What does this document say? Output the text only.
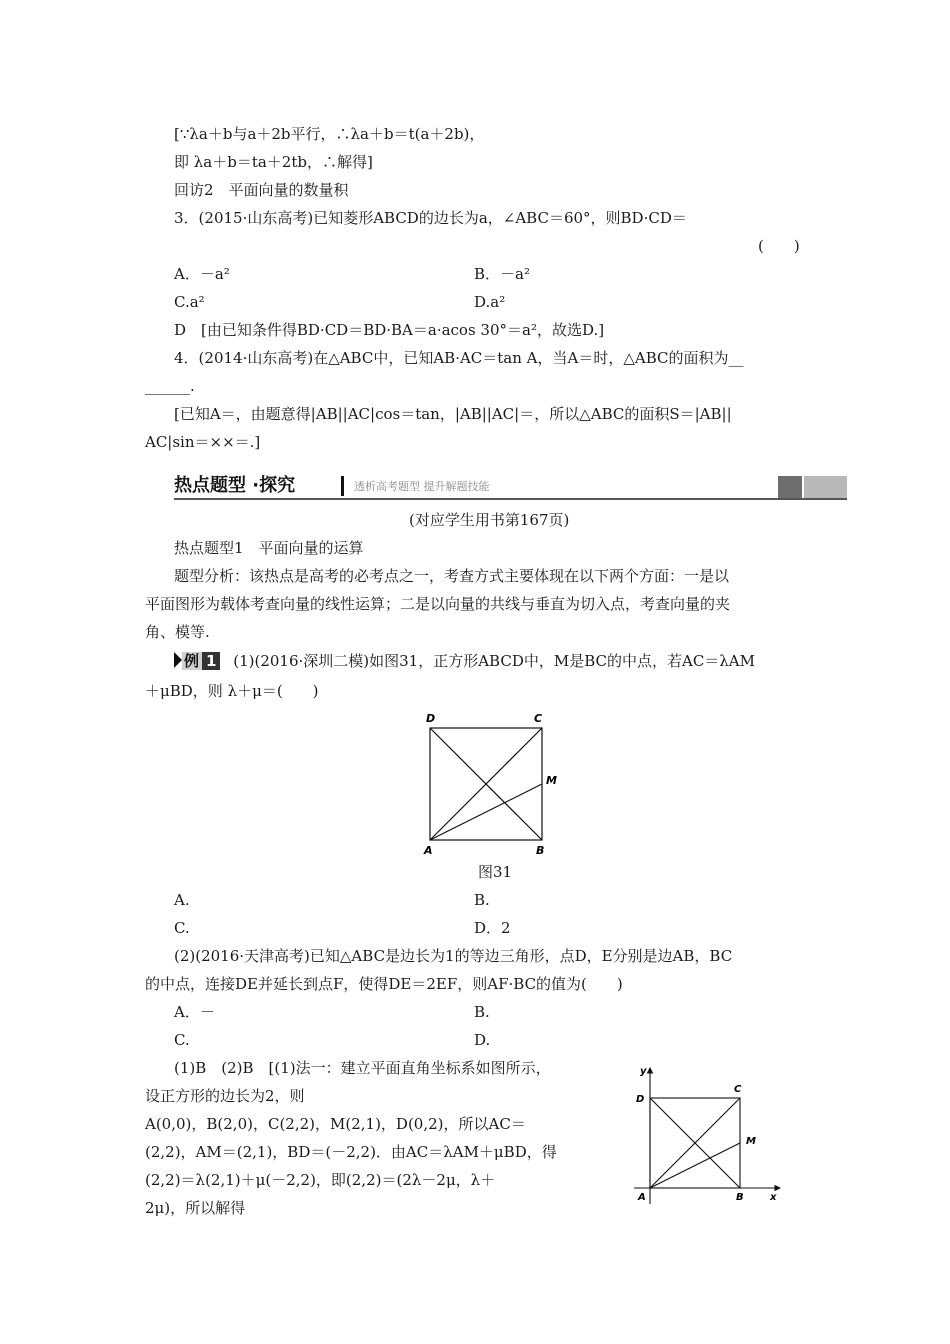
[∵λa＋b与a＋2b平行，∴λa＋b＝t(a＋2b)，
即 λa＋b＝ta＋2tb，∴解得]
回访2　平面向量的数量积
3．(2015·山东高考)已知菱形ABCD的边长为a，∠ABC＝60°，则BD·CD＝
(　　)
A．－a²	B．－a²
C.a²	D.a²
D　[由已知条件得BD·CD＝BD·BA＝a·acos 30°＝a²，故选D.]
4．(2014·山东高考)在△ABC中，已知AB·AC＝tan A，当A＝时，△ABC的面积为__
______.
[已知A＝，由题意得|AB||AC|cos＝tan，|AB||AC|＝，所以△ABC的面积S＝|AB||
AC|sin＝××＝.]
热点题型 ·探究	透析高考题型 提升解题技能
(对应学生用书第167页)
热点题型1　平面向量的运算
题型分析：该热点是高考的必考点之一，考查方式主要体现在以下两个方面：一是以
平面图形为载体考查向量的线性运算；二是以向量的共线与垂直为切入点，考查向量的夹
角、模等.
例 1 (1)(2016·深圳二模)如图31，正方形ABCD中，M是BC的中点，若AC＝λAM
＋μBD，则 λ＋μ＝(　　)
D	C
M
A	B
图31
A.	B.
C.	D．2
(2)(2016·天津高考)已知△ABC是边长为1的等边三角形，点D，E分别是边AB，BC
的中点，连接DE并延长到点F，使得DE＝2EF，则AF·BC的值为(　　)
A．－	B.
C.	D.
(1)B　(2)B　[(1)法一：建立平面直角坐标系如图所示，
设正方形的边长为2，则
A(0,0)，B(2,0)，C(2,2)，M(2,1)，D(0,2)，所以AC＝
(2,2)，AM＝(2,1)，BD＝(－2,2)．由AC＝λAM＋μBD，得
(2,2)＝λ(2,1)＋μ(－2,2)，即(2,2)＝(2λ－2μ，λ＋
2μ)，所以解得
y
x
D
C
M
A	B
